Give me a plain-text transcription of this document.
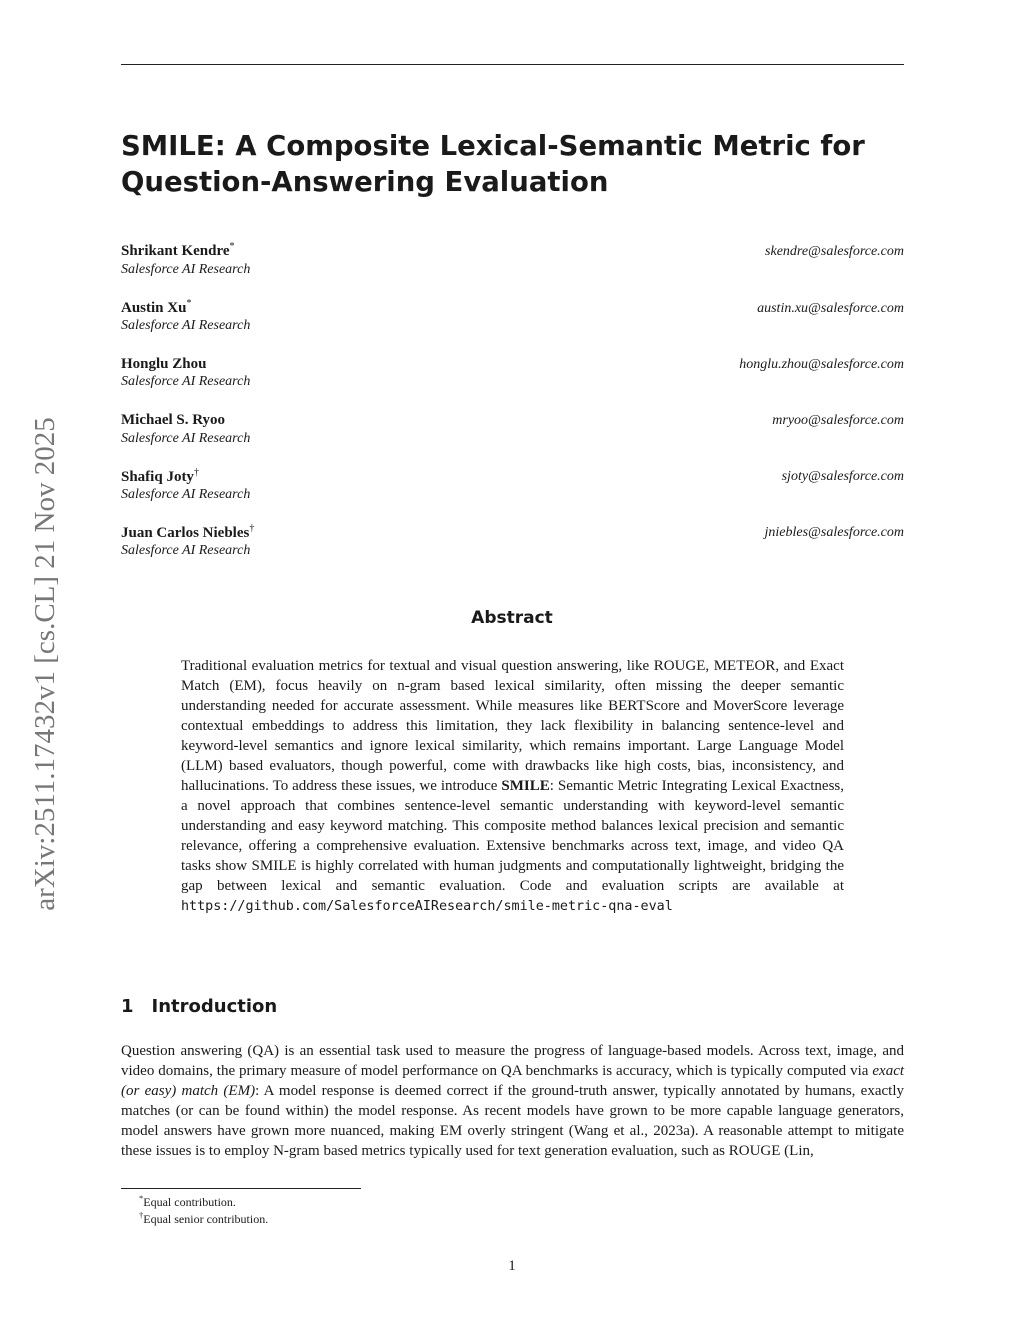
arXiv:2511.17432v1 [cs.CL] 21 Nov 2025
SMILE: A Composite Lexical-Semantic Metric for Question-Answering Evaluation
Shrikant Kendre*
Salesforce AI Research
skendre@salesforce.com
Austin Xu*
Salesforce AI Research
austin.xu@salesforce.com
Honglu Zhou
Salesforce AI Research
honglu.zhou@salesforce.com
Michael S. Ryoo
Salesforce AI Research
mryoo@salesforce.com
Shafiq Joty†
Salesforce AI Research
sjoty@salesforce.com
Juan Carlos Niebles†
Salesforce AI Research
jniebles@salesforce.com
Abstract

Traditional evaluation metrics for textual and visual question answering, like ROUGE, METEOR, and Exact Match (EM), focus heavily on n-gram based lexical similarity, often missing the deeper semantic understanding needed for accurate assessment. While measures like BERTScore and MoverScore leverage contextual embeddings to address this limitation, they lack flexibility in balancing sentence-level and keyword-level semantics and ignore lexical similarity, which remains important. Large Language Model (LLM) based evaluators, though powerful, come with drawbacks like high costs, bias, inconsistency, and hallucinations. To address these issues, we introduce SMILE: Semantic Metric Integrating Lexical Exactness, a novel approach that combines sentence-level semantic understanding with keyword-level semantic understanding and easy keyword matching. This composite method balances lexical precision and semantic relevance, offering a comprehensive evaluation. Extensive benchmarks across text, image, and video QA tasks show SMILE is highly correlated with human judgments and computationally lightweight, bridging the gap between lexical and semantic evaluation. Code and evaluation scripts are available at https://github.com/SalesforceAIResearch/smile-metric-qna-eval

1 Introduction

Question answering (QA) is an essential task used to measure the progress of language-based models. Across text, image, and video domains, the primary measure of model performance on QA benchmarks is accuracy, which is typically computed via exact (or easy) match (EM): A model response is deemed correct if the ground-truth answer, typically annotated by humans, exactly matches (or can be found within) the model response. As recent models have grown to be more capable language generators, model answers have grown more nuanced, making EM overly stringent (Wang et al., 2023a). A reasonable attempt to mitigate these issues is to employ N-gram based metrics typically used for text generation evaluation, such as ROUGE (Lin,

*Equal contribution.
†Equal senior contribution.
1
